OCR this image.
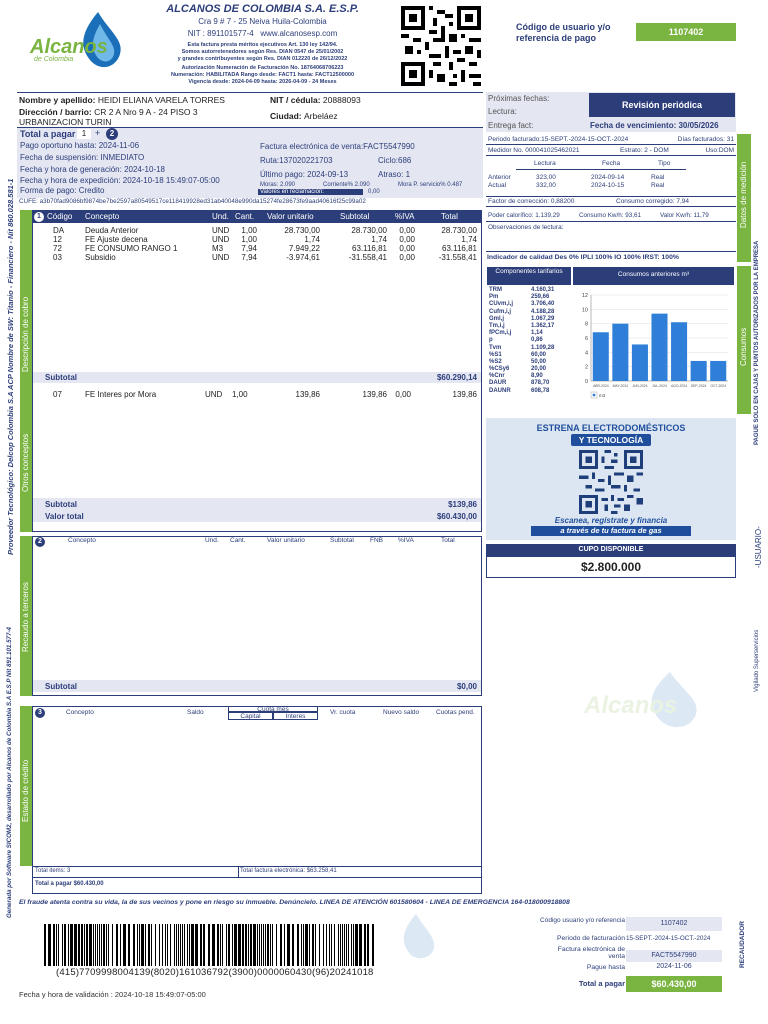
Alcanos
de Colombia
ALCANOS DE COLOMBIA S.A. E.S.P.
Cra 9 # 7 - 25 Neiva Huila-Colombia
NIT : 891101577-4 www.alcanosesp.com
Esta factura presta méritos ejecutivos Art. 130 ley 142/94.
Somos autorretenedores según Res. DIAN 0547 de 25/01/2002
y grandes contribuyentes según Res. DIAN 012220 de 26/12/2022
Autorización Numeración de Facturación No. 18764068706223
Numeración: HABILITADA Rango desde: FACT1 hasta: FACT12500000
Vigencia desde: 2024-04-09 hasta: 2026-04-09 - 24 Meses
Código de usuario y/o referencia de pago
1107402
Nombre y apellido: HEIDI ELIANA VARELA TORRES	NIT / cédula: 20888093
Dirección / barrio: CR 2 A Nro 9 A - 24 PISO 3
URBANIZACION TURIN
Ciudad: Arbeláez
Próximas fechas:
Lectura:
Entrega fact:
Revisión periódica
Fecha de vencimiento: 30/05/2026
Proveedor Tecnológico: Delcop Colombia S.A ACP Nombre de SW: Titanio - Financiero - Nit 860.028.581-1
Generada por Software SICOM2, desarrollado por Alcanos de Colombia S.A E.S.P Nit 891.101.577-4
Total a pagar 1 +	2
Pago oportuno hasta: 2024-11-06
Fecha de suspensión: INMEDIATO
Fecha y hora de generación: 2024-10-18
Fecha y hora de expedición: 2024-10-18 15:49:07-05:00
Forma de pago: Credito
Moras: 2.090	Corriente% 2.090	Mora P. servicio% 0.487
Valores en reclamación:	0,00
Factura electrónica de venta:FACT5547990
Ruta:137020221703	Ciclo:686
Último pago: 2024-09-13	Atraso: 1
CUFE: a3b70fad9086bf9874be7be2597a80549517ce118419928ed31ab40048e990da15274fe28673fe9aad40616f25c99a02
Descripción de cobro
Otros conceptos
1 Código Concepto	Und. Cant. Valor unitario	Subtotal	%IVA	Total
DA	Deuda Anterior	UND 1,00	28.730,00	28.730,00 0,00	28.730,00
12	FE Ajuste decena	UND 1,00	1,74	1,74 0,00	1,74
72	FE CONSUMO RANGO 1	M3 7,94	7.949,22	63.116,81 0,00	63.116,81
03	Subsidio	UND 7,94	-3.974,61	-31.558,41 0,00	-31.558,41
Subtotal	$60.290,14
07	FE Interes por Mora	UND 1,00	139,86	139,86 0,00	139,86
Subtotal	$139,86
Valor total	$60.430,00
Recaudo a terceros
2	Concepto	Und. Cant.	Valor unitario	Subtotal FNB %IVA	Total
Subtotal	$0,00
Estado de crédito
3	Concepto	Saldo	Cuota mes
Capital	Interes
Vr. cuota	Nuevo saldo	Cuotas pend.
Total items: 3	Total factura electrónica: $63.258,41
Total a pagar $60.430,00
Alcanos
Periodo facturado:15-SEPT.-2024-15-OCT.-2024	Días facturados: 31
Medidor No. 000041025462021	Estrato: 2 - DOM	Uso:DOM
Lectura	Fecha	Tipo
Anterior	323,00	2024-09-14	Real
Actual	332,00	2024-10-15	Real
Factor de corrección: 0,88200	Consumo corregido: 7,94
Poder calorífico: 1.139,29	Consumo Kw/h: 93,61	Valor Kw/h: 11,79
Observaciones de lectura:
Indicador de calidad Des 0% IPLI 100% IO 100% IRST: 100%
Datos de medición
Consumos PAGUE SOLO EN CAJAS Y PUNTOS AUTORIZADOS POR LA EMPRESA
-USUARIO-
Vigilado Superservicios
Componentes tarifarios	Consumos anteriores m³
TRM	4.160,31
Pm	259,66
CUvm,i,j	3.706,40
Cufm,i,j	4.188,28
Gml,j	1.067,29
Tm,i,j	1.362,17
fPCm,i,j	1,14
p	0,86
Tvm	1.109,28
%S1	60,00
%S2	50,00
%CSy6	20,00
%Cnr	8,90
DAUR	878,70
DAUNR	608,78
0
2
4
6
8
10
12
ABR-2024 MAY-2024 JUN-2024 JUL-2024 AGO-2024 SEP-2024 OCT-2024
m3
ESTRENA ELECTRODOMÉSTICOS
Y TECNOLOGÍA
Escanea, regístrate y financia
a través de tu factura de gas
CUPO DISPONIBLE
$2.800.000
El fraude atenta contra su vida, la de sus vecinos y pone en riesgo su inmueble. Denúncielo. LINEA DE ATENCIÓN 601580604 - LINEA DE EMERGENCIA 164-018000918808
(415)7709998004139(8020)161036792(3900)0000060430(96)20241018
Fecha y hora de validación : 2024-10-18 15:49:07-05:00
Código usuario y/o referencia	1107402
Periodo de facturación 15-SEPT.-2024-15-OCT.-2024
Factura electrónica de venta	FACT5547990
Pague hasta	2024-11-06
Total a pagar	$60.430,00
RECAUDADOR
